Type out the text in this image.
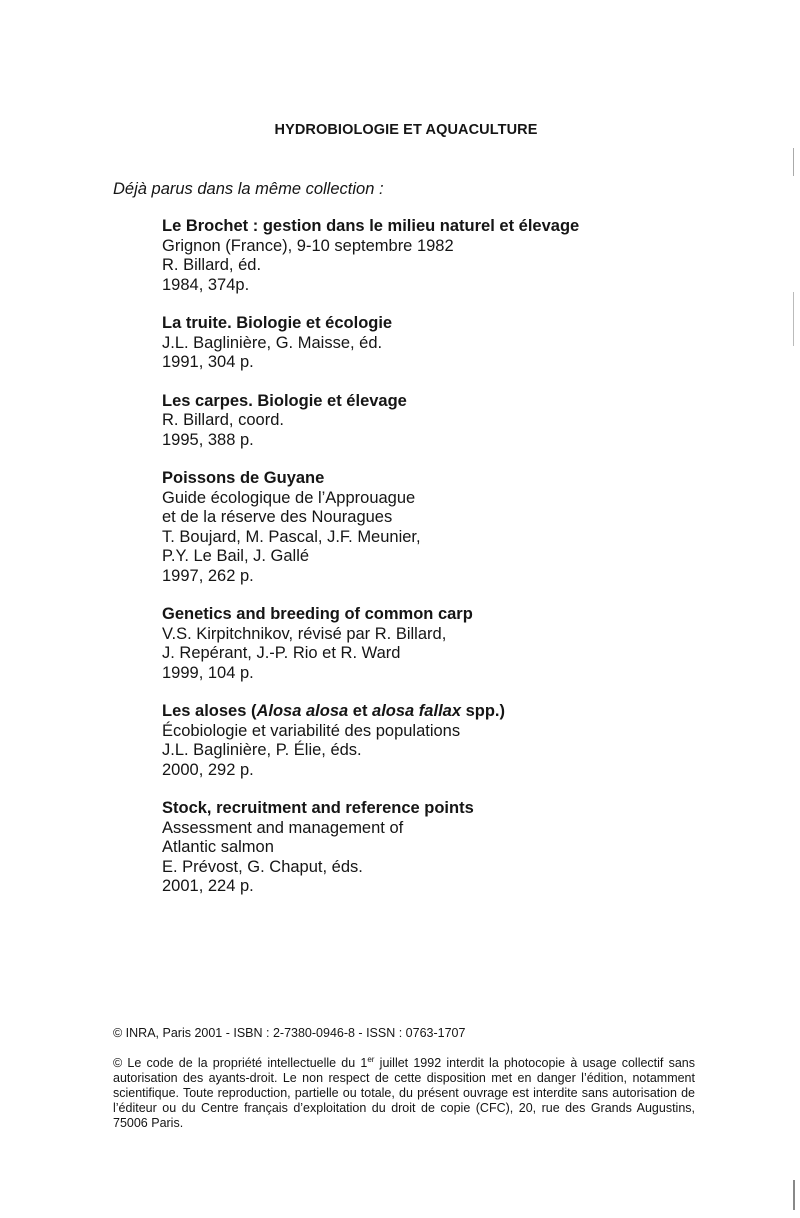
HYDROBIOLOGIE ET AQUACULTURE
Déjà parus dans la même collection :
Le Brochet : gestion dans le milieu naturel et élevage
Grignon (France), 9-10 septembre 1982
R. Billard, éd.
1984, 374p.
La truite. Biologie et écologie
J.L. Baglinière, G. Maisse, éd.
1991, 304 p.
Les carpes. Biologie et élevage
R. Billard, coord.
1995, 388 p.
Poissons de Guyane
Guide écologique de l’Approuague
et de la réserve des Nouragues
T. Boujard, M. Pascal, J.F. Meunier,
P.Y. Le Bail, J. Gallé
1997, 262 p.
Genetics and breeding of common carp
V.S. Kirpitchnikov, révisé par R. Billard,
J. Repérant, J.-P. Rio et R. Ward
1999, 104 p.
Les aloses (Alosa alosa et alosa fallax spp.)
Écobiologie et variabilité des populations
J.L. Baglinière, P. Élie, éds.
2000, 292 p.
Stock, recruitment and reference points
Assessment and management of
Atlantic salmon
E. Prévost, G. Chaput, éds.
2001, 224 p.
© INRA, Paris 2001 - ISBN : 2-7380-0946-8 - ISSN : 0763-1707
© Le code de la propriété intellectuelle du 1er juillet 1992 interdit la photocopie à usage collectif sans autorisation des ayants-droit. Le non respect de cette disposition met en danger l’édition, notamment scientifique. Toute reproduction, partielle ou totale, du présent ouvrage est interdite sans autorisation de l’éditeur ou du Centre français d’exploitation du droit de copie (CFC), 20, rue des Grands Augustins, 75006 Paris.
